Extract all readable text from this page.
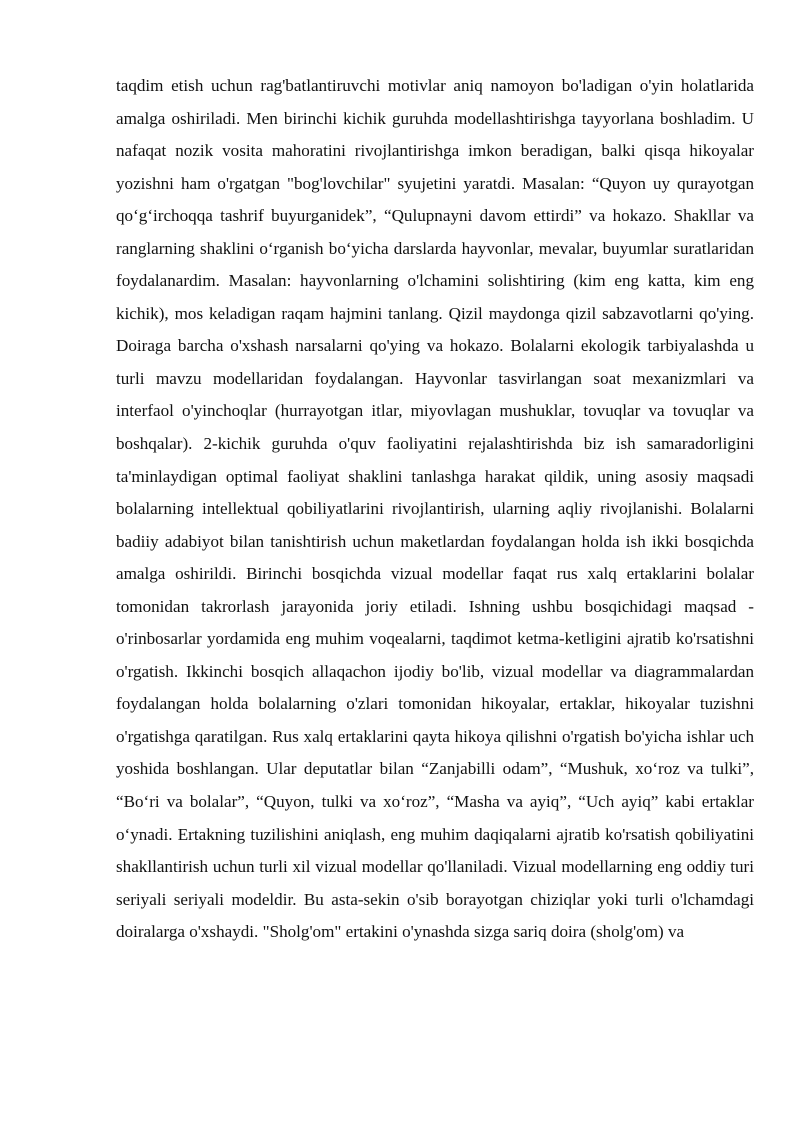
taqdim etish uchun rag'batlantiruvchi motivlar aniq namoyon bo'ladigan o'yin holatlarida amalga oshiriladi. Men birinchi kichik guruhda modellashtirishga tayyorlana boshladim. U nafaqat nozik vosita mahoratini rivojlantirishga imkon beradigan, balki qisqa hikoyalar yozishni ham o'rgatgan "bog'lovchilar" syujetini yaratdi. Masalan: “Quyon uy qurayotgan qo‘g‘irchoqqa tashrif buyurganidek”, “Qulupnayni davom ettirdi” va hokazo. Shakllar va ranglarning shaklini o‘rganish bo‘yicha darslarda hayvonlar, mevalar, buyumlar suratlaridan foydalanardim. Masalan: hayvonlarning o'lchamini solishtiring (kim eng katta, kim eng kichik), mos keladigan raqam hajmini tanlang. Qizil maydonga qizil sabzavotlarni qo'ying. Doiraga barcha o'xshash narsalarni qo'ying va hokazo. Bolalarni ekologik tarbiyalashda u turli mavzu modellaridan foydalangan. Hayvonlar tasvirlangan soat mexanizmlari va interfaol o'yinchoqlar (hurrayotgan itlar, miyovlagan mushuklar, tovuqlar va tovuqlar va boshqalar). 2-kichik guruhda o'quv faoliyatini rejalashtirishda biz ish samaradorligini ta'minlaydigan optimal faoliyat shaklini tanlashga harakat qildik, uning asosiy maqsadi bolalarning intellektual qobiliyatlarini rivojlantirish, ularning aqliy rivojlanishi. Bolalarni badiiy adabiyot bilan tanishtirish uchun maketlardan foydalangan holda ish ikki bosqichda amalga oshirildi. Birinchi bosqichda vizual modellar faqat rus xalq ertaklarini bolalar tomonidan takrorlash jarayonida joriy etiladi. Ishning ushbu bosqichidagi maqsad - o'rinbosarlar yordamida eng muhim voqealarni, taqdimot ketma-ketligini ajratib ko'rsatishni o'rgatish. Ikkinchi bosqich allaqachon ijodiy bo'lib, vizual modellar va diagrammalardan foydalangan holda bolalarning o'zlari tomonidan hikoyalar, ertaklar, hikoyalar tuzishni o'rgatishga qaratilgan. Rus xalq ertaklarini qayta hikoya qilishni o'rgatish bo'yicha ishlar uch yoshida boshlangan. Ular deputatlar bilan “Zanjabilli odam”, “Mushuk, xo‘roz va tulki”, “Bo‘ri va bolalar”, “Quyon, tulki va xo‘roz”, “Masha va ayiq”, “Uch ayiq” kabi ertaklar o‘ynadi. Ertakning tuzilishini aniqlash, eng muhim daqiqalarni ajratib ko'rsatish qobiliyatini shakllantirish uchun turli xil vizual modellar qo'llaniladi. Vizual modellarning eng oddiy turi seriyali seriyali modeldir. Bu asta-sekin o'sib borayotgan chiziqlar yoki turli o'lchamdagi doiralarga o'xshaydi. "Sholg'om" ertakini o'ynashda sizga sariq doira (sholg'om) va
